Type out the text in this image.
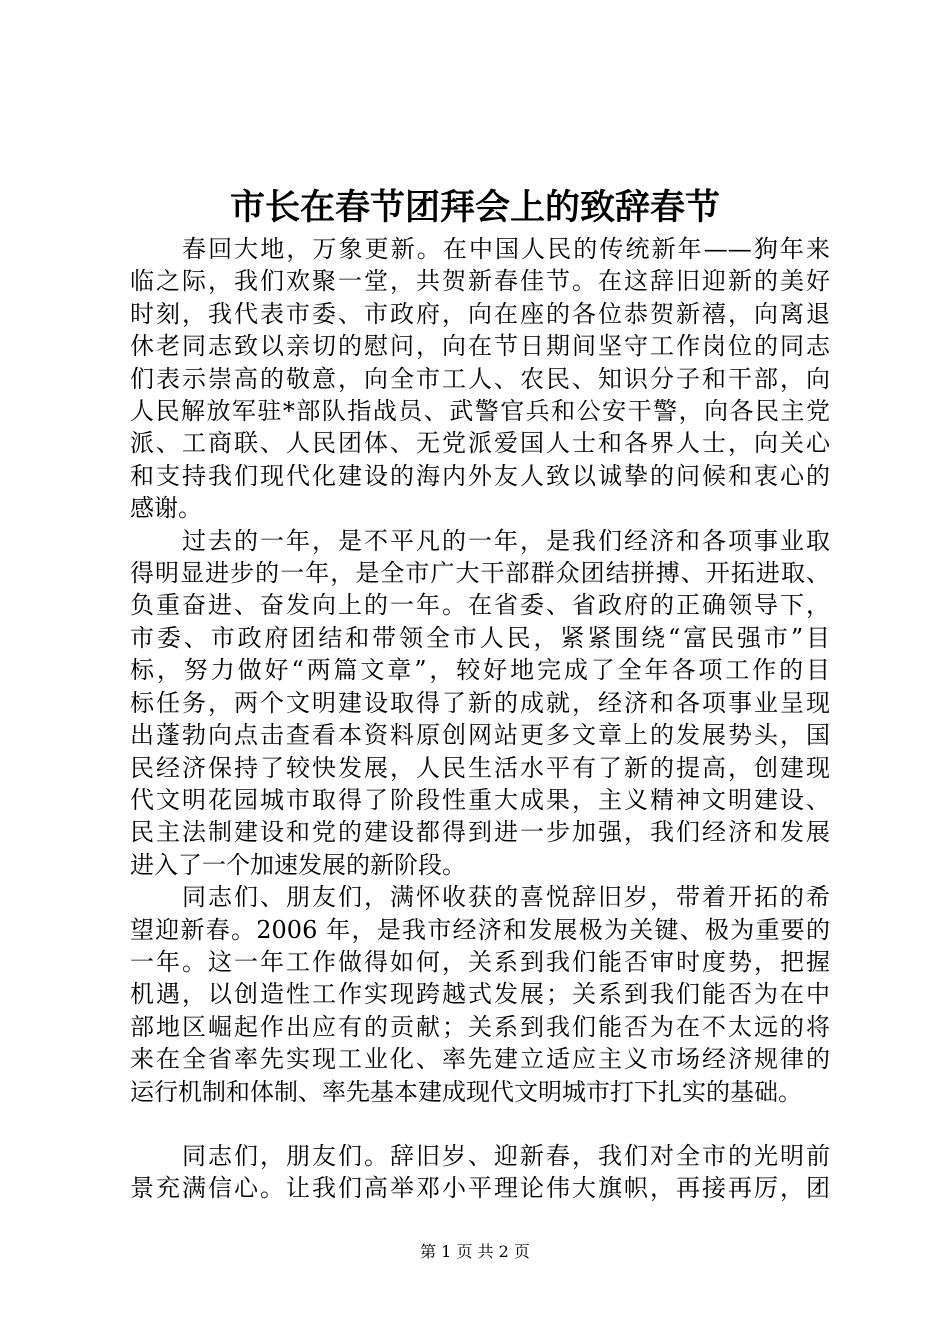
市长在春节团拜会上的致辞春节
春回大地，万象更新。在中国人民的传统新年——狗年来
临之际，我们欢聚一堂，共贺新春佳节。在这辞旧迎新的美好
时刻，我代表市委、市政府，向在座的各位恭贺新禧，向离退
休老同志致以亲切的慰问，向在节日期间坚守工作岗位的同志
们表示崇高的敬意，向全市工人、农民、知识分子和干部，向
人民解放军驻*部队指战员、武警官兵和公安干警，向各民主党
派、工商联、人民团体、无党派爱国人士和各界人士，向关心
和支持我们现代化建设的海内外友人致以诚挚的问候和衷心的
感谢。
过去的一年，是不平凡的一年，是我们经济和各项事业取
得明显进步的一年，是全市广大干部群众团结拼搏、开拓进取、
负重奋进、奋发向上的一年。在省委、省政府的正确领导下，
市委、市政府团结和带领全市人民，紧紧围绕“富民强市”目
标，努力做好“两篇文章”，较好地完成了全年各项工作的目
标任务，两个文明建设取得了新的成就，经济和各项事业呈现
出蓬勃向点击查看本资料原创网站更多文章上的发展势头，国
民经济保持了较快发展，人民生活水平有了新的提高，创建现
代文明花园城市取得了阶段性重大成果，主义精神文明建设、
民主法制建设和党的建设都得到进一步加强，我们经济和发展
进入了一个加速发展的新阶段。
同志们、朋友们，满怀收获的喜悦辞旧岁，带着开拓的希
望迎新春。2006 年，是我市经济和发展极为关键、极为重要的
一年。这一年工作做得如何，关系到我们能否审时度势，把握
机遇，以创造性工作实现跨越式发展；关系到我们能否为在中
部地区崛起作出应有的贡献；关系到我们能否为在不太远的将
来在全省率先实现工业化、率先建立适应主义市场经济规律的
运行机制和体制、率先基本建成现代文明城市打下扎实的基础。
同志们，朋友们。辞旧岁、迎新春，我们对全市的光明前
景充满信心。让我们高举邓小平理论伟大旗帜，再接再厉，团
第 1 页 共 2 页
